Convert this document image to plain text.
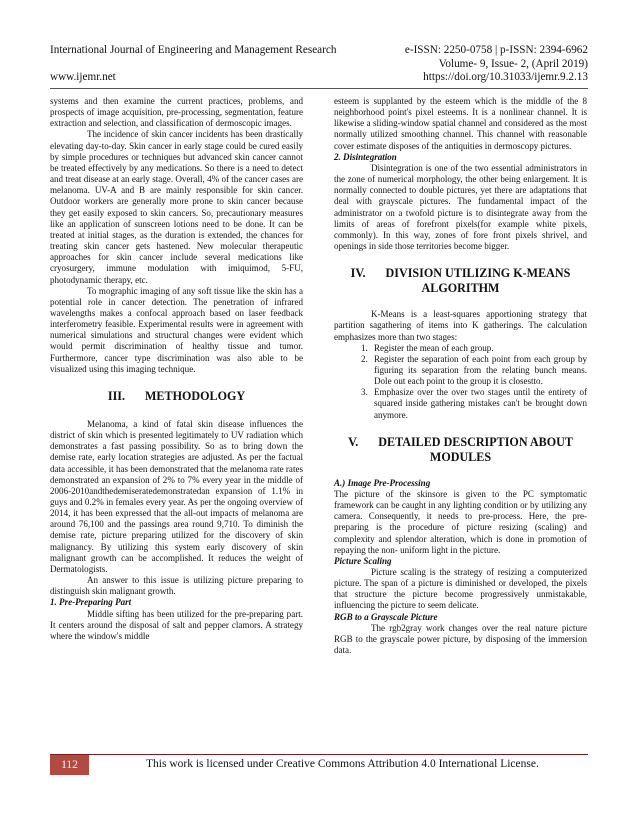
International Journal of Engineering and Management Research	e-ISSN: 2250-0758 | p-ISSN: 2394-6962
Volume- 9, Issue- 2, (April 2019)
www.ijemr.net	https://doi.org/10.31033/ijemr.9.2.13

systems and then examine the current practices, problems, and prospects of image acquisition, pre-processing, segmentation, feature extraction and selection, and classification of dermoscopic images.

The incidence of skin cancer incidents has been drastically elevating day-to-day. Skin cancer in early stage could be cured easily by simple procedures or techniques but advanced skin cancer cannot be treated effectively by any medications. So there is a need to detect and treat disease at an early stage. Overall, 4% of the cancer cases are melanoma. UV-A and B are mainly responsible for skin cancer. Outdoor workers are generally more prone to skin cancer because they get easily exposed to skin cancers. So, precautionary measures like an application of sunscreen lotions need to be done. It can be treated at initial stages, as the duration is extended, the chances for treating skin cancer gets hastened. New molecular therapeutic approaches for skin cancer include several medications like cryosurgery, immune modulation with imiquimod, 5-FU, photodynamic therapy, etc.

To mographic imaging of any soft tissue like the skin has a potential role in cancer detection. The penetration of infrared wavelengths makes a confocal approach based on laser feedback interferometry feasible. Experimental results were in agreement with numerical simulations and structural changes were evident which would permit discrimination of healthy tissue and tumor. Furthermore, cancer type discrimination was also able to be visualized using this imaging technique.

III. METHODOLOGY

Melanoma, a kind of fatal skin disease influences the district of skin which is presented legitimately to UV radiation which demonstrates a fast passing possibility. So as to bring down the demise rate, early location strategies are adjusted. As per the factual data accessible, it has been demonstrated that the melanoma rate rates demonstrated an expansion of 2% to 7% every year in the middle of 2006-2010andthedemiseratedemonstratedan expansion of 1.1% in guys and 0.2% in females every year. As per the ongoing overview of 2014, it has been expressed that the all-out impacts of melanoma are around 76,100 and the passings area round 9,710. To diminish the demise rate, picture preparing utilized for the discovery of skin malignancy. By utilizing this system early discovery of skin malignant growth can be accomplished. It reduces the weight of Dermatologists.

An answer to this issue is utilizing picture preparing to distinguish skin malignant growth.

1. Pre-Preparing Part

Middle sifting has been utilized for the pre-preparing part. It centers around the disposal of salt and pepper clamors. A strategy where the window's middle

esteem is supplanted by the esteem which is the middle of the 8 neighborhood point's pixel esteems. It is a nonlinear channel. It is likewise a sliding-window spatial channel and considered as the most normally utilized smoothing channel. This channel with reasonable cover estimate disposes of the antiquities in dermoscopy pictures.

2. Disintegration

Disintegration is one of the two essential administrators in the zone of numerical morphology, the other being enlargement. It is normally connected to double pictures, yet there are adaptations that deal with grayscale pictures. The fundamental impact of the administrator on a twofold picture is to disintegrate away from the limits of areas of forefront pixels(for example white pixels, commonly). In this way, zones of fore front pixels shrivel, and openings in side those territories become bigger.

IV. DIVISION UTILIZING K-MEANS ALGORITHM

K-Means is a least-squares apportioning strategy that partition sagathering of items into K gatherings. The calculation emphasizes more than two stages:

1. Register the mean of each group.
2. Register the separation of each point from each group by figuring its separation from the relating bunch means. Dole out each point to the group it is closestto.
3. Emphasize over the over two stages until the entirety of squared inside gathering mistakes can't be brought down anymore.
V. DETAILED DESCRIPTION ABOUT MODULES

A.) Image Pre-Processing

The picture of the skinsore is given to the PC symptomatic framework can be caught in any lighting condition or by utilizing any camera. Consequently, it needs to pre-process. Here, the pre-preparing is the procedure of picture resizing (scaling) and complexity and splendor alteration, which is done in promotion of repaying the non- uniform light in the picture.

Picture Scaling

Picture scaling is the strategy of resizing a computerized picture. The span of a picture is diminished or developed, the pixels that structure the picture become progressively unmistakable, influencing the picture to seem delicate.

RGB to a Grayscale Picture

The rgb2gray work changes over the real nature picture RGB to the grayscale power picture, by disposing of the immersion data.

112	This work is licensed under Creative Commons Attribution 4.0 International License.
